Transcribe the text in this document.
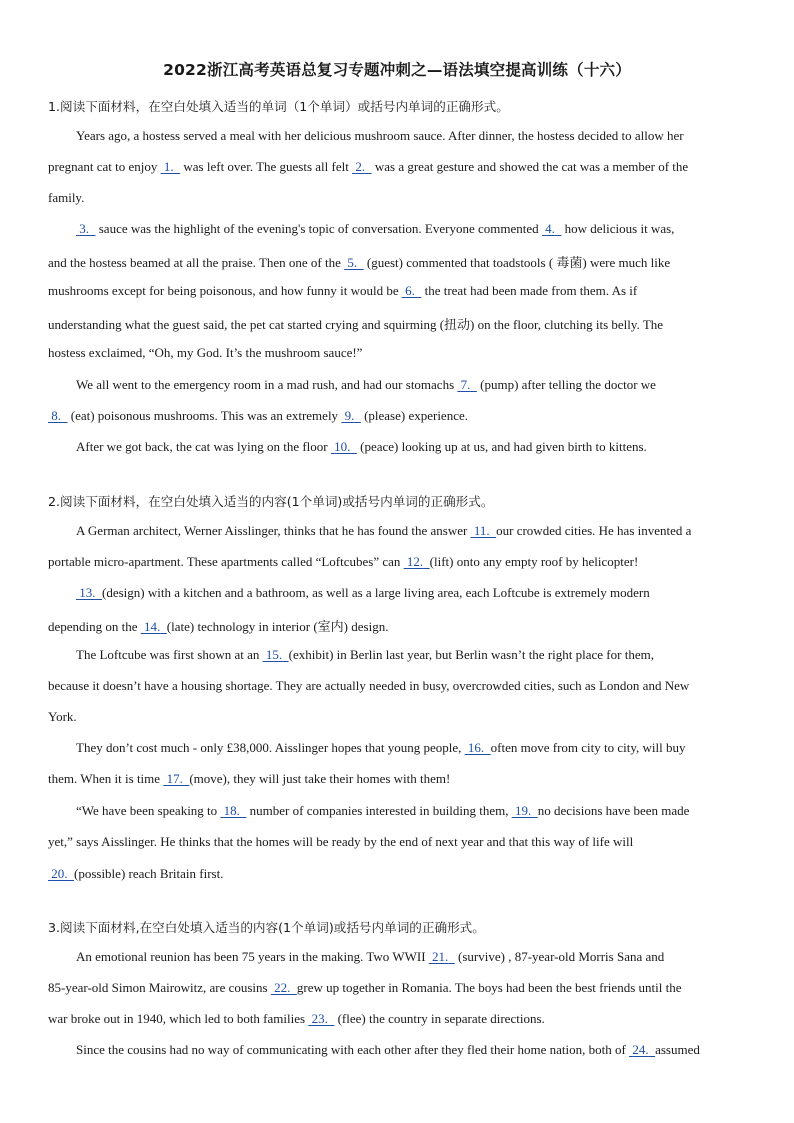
2022浙江高考英语总复习专题冲刺之—语法填空提高训练（十六）
1.阅读下面材料，在空白处填入适当的单词（1个单词）或括号内单词的正确形式。
Years ago, a hostess served a meal with her delicious mushroom sauce. After dinner, the hostess decided to allow her
pregnant cat to enjoy 1. was left over. The guests all felt 2. was a great gesture and showed the cat was a member of the
family.
3. sauce was the highlight of the evening's topic of conversation. Everyone commented 4. how delicious it was,
and the hostess beamed at all the praise. Then one of the 5. (guest) commented that toadstools ( 毒菌) were much like
mushrooms except for being poisonous, and how funny it would be 6. the treat had been made from them. As if
understanding what the guest said, the pet cat started crying and squirming (扭动) on the floor, clutching its belly. The
hostess exclaimed, “Oh, my God. It’s the mushroom sauce!”
We all went to the emergency room in a mad rush, and had our stomachs 7. (pump) after telling the doctor we
8. (eat) poisonous mushrooms. This was an extremely 9. (please) experience.
After we got back, the cat was lying on the floor 10. (peace) looking up at us, and had given birth to kittens.
2.阅读下面材料，在空白处填入适当的内容(1个单词)或括号内单词的正确形式。
A German architect, Werner Aisslinger, thinks that he has found the answer 11. our crowded cities. He has invented a
portable micro-apartment. These apartments called “Loftcubes” can 12. (lift) onto any empty roof by helicopter!
13. (design) with a kitchen and a bathroom, as well as a large living area, each Loftcube is extremely modern
depending on the 14. (late) technology in interior (室内) design.
The Loftcube was first shown at an 15. (exhibit) in Berlin last year, but Berlin wasn’t the right place for them,
because it doesn’t have a housing shortage. They are actually needed in busy, overcrowded cities, such as London and New
York.
They don’t cost much - only £38,000. Aisslinger hopes that young people, 16. often move from city to city, will buy
them. When it is time 17. (move), they will just take their homes with them!
“We have been speaking to 18. number of companies interested in building them, 19. no decisions have been made
yet,” says Aisslinger. He thinks that the homes will be ready by the end of next year and that this way of life will
20. (possible) reach Britain first.
3.阅读下面材料,在空白处填入适当的内容(1个单词)或括号内单词的正确形式。
An emotional reunion has been 75 years in the making. Two WWII 21. (survive) , 87-year-old Morris Sana and
85-year-old Simon Mairowitz, are cousins 22. grew up together in Romania. The boys had been the best friends until the
war broke out in 1940, which led to both families 23. (flee) the country in separate directions.
Since the cousins had no way of communicating with each other after they fled their home nation, both of 24. assumed
